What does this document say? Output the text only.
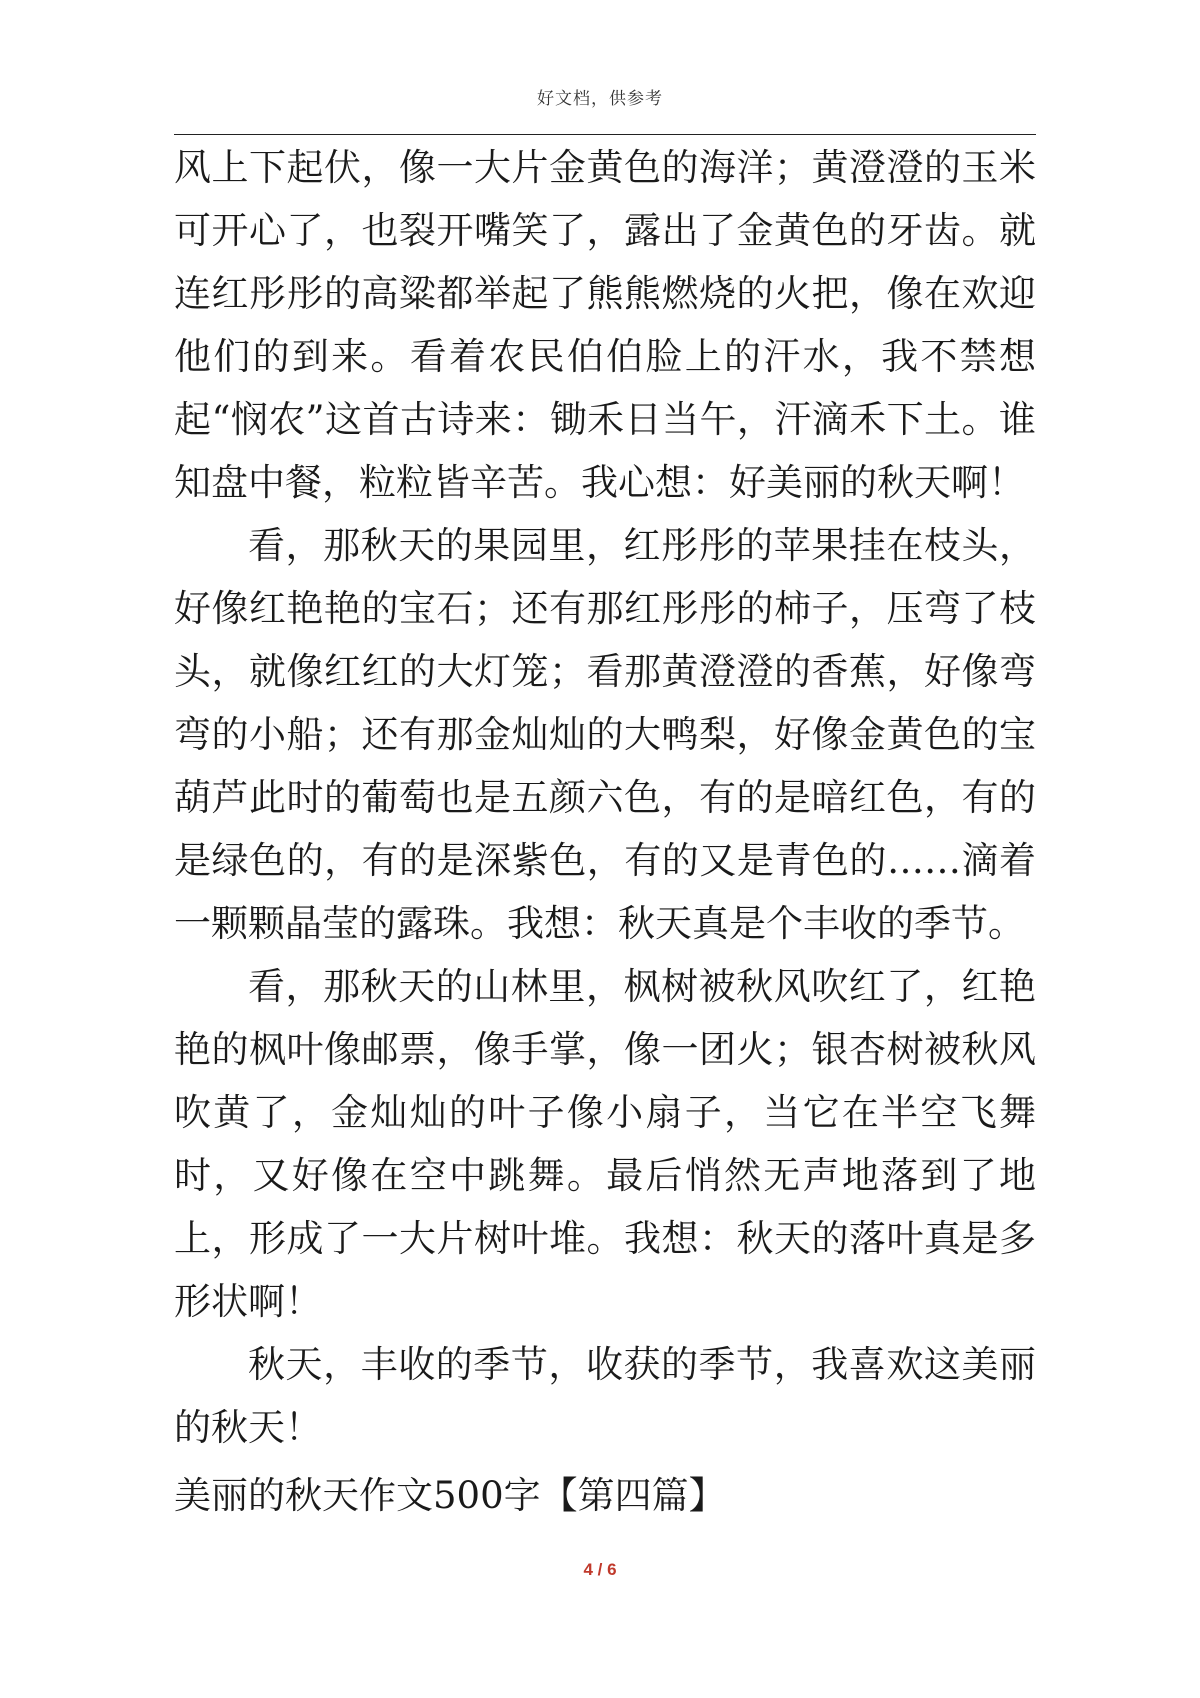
好文档，供参考

风上下起伏，像一大片金黄色的海洋；黄澄澄的玉米可开心了，也裂开嘴笑了，露出了金黄色的牙齿。就连红彤彤的高粱都举起了熊熊燃烧的火把，像在欢迎他们的到来。看着农民伯伯脸上的汗水，我不禁想起“悯农”这首古诗来：锄禾日当午，汗滴禾下土。谁知盘中餐，粒粒皆辛苦。我心想：好美丽的秋天啊！

看，那秋天的果园里，红彤彤的苹果挂在枝头，好像红艳艳的宝石；还有那红彤彤的柿子，压弯了枝头，就像红红的大灯笼；看那黄澄澄的香蕉，好像弯弯的小船；还有那金灿灿的大鸭梨，好像金黄色的宝葫芦此时的葡萄也是五颜六色，有的是暗红色，有的是绿色的，有的是深紫色，有的又是青色的……滴着一颗颗晶莹的露珠。我想：秋天真是个丰收的季节。

看，那秋天的山林里，枫树被秋风吹红了，红艳艳的枫叶像邮票，像手掌，像一团火；银杏树被秋风吹黄了，金灿灿的叶子像小扇子，当它在半空飞舞时，又好像在空中跳舞。最后悄然无声地落到了地上，形成了一大片树叶堆。我想：秋天的落叶真是多形状啊！

秋天，丰收的季节，收获的季节，我喜欢这美丽的秋天！

美丽的秋天作文500字【第四篇】
4 / 6
